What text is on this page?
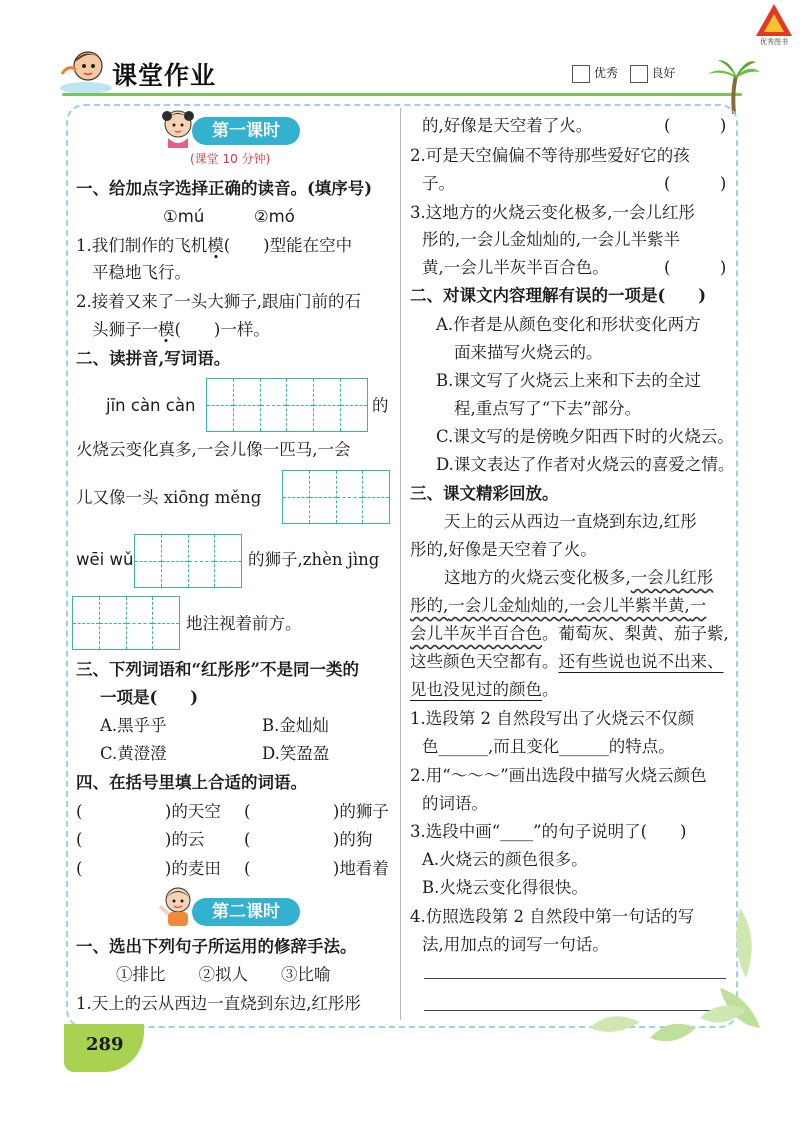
课堂作业	优秀	良好
优秀图书
第一课时
(课堂 10 分钟)
一、给加点字选择正确的读音。(填序号)
①mú　　　②mó
1.我们制作的飞机模(　　)型能在空中
平稳地飞行。
2.接着又来了一头大狮子,跟庙门前的石
头狮子一模(　　)一样。
二、读拼音,写词语。
jīn càn càn	的
火烧云变化真多,一会儿像一匹马,一会
儿又像一头 xiōng měng
wēi wǔ	的狮子,zhèn jìng
地注视着前方。
三、下列词语和“红彤彤”不是同一类的
一项是(　　)
A.黑乎乎	B.金灿灿
C.黄澄澄	D.笑盈盈
四、在括号里填上合适的词语。
(　　　　　)的天空 (　　　　　)的狮子
(　　　　　)的云 (　　　　　)的狗
(　　　　　)的麦田 (　　　　　)地看着
第二课时
一、选出下列句子所运用的修辞手法。
①排比　　②拟人　　③比喻
1.天上的云从西边一直烧到东边,红彤彤
的,好像是天空着了火。	(　　　)
2.可是天空偏偏不等待那些爱好它的孩
子。	(　　　)
3.这地方的火烧云变化极多,一会儿红彤
彤的,一会儿金灿灿的,一会儿半紫半
黄,一会儿半灰半百合色。	(　　　)
二、对课文内容理解有误的一项是(　　)
A.作者是从颜色变化和形状变化两方
面来描写火烧云的。
B.课文写了火烧云上来和下去的全过
程,重点写了“下去”部分。
C.课文写的是傍晚夕阳西下时的火烧云。
D.课文表达了作者对火烧云的喜爱之情。
三、课文精彩回放。
天上的云从西边一直烧到东边,红彤
彤的,好像是天空着了火。
这地方的火烧云变化极多,一会儿红彤
彤的,一会儿金灿灿的,一会儿半紫半黄,一
会儿半灰半百合色。葡萄灰、梨黄、茄子紫,
这些颜色天空都有。还有些说也说不出来、
见也没见过的颜色。
1.选段第 2 自然段写出了火烧云不仅颜
色______,而且变化______的特点。
2.用“～～～”画出选段中描写火烧云颜色
的词语。
3.选段中画“____”的句子说明了(　　)
A.火烧云的颜色很多。
B.火烧云变化得很快。
4.仿照选段第 2 自然段中第一句话的写
法,用加点的词写一句话。
289
